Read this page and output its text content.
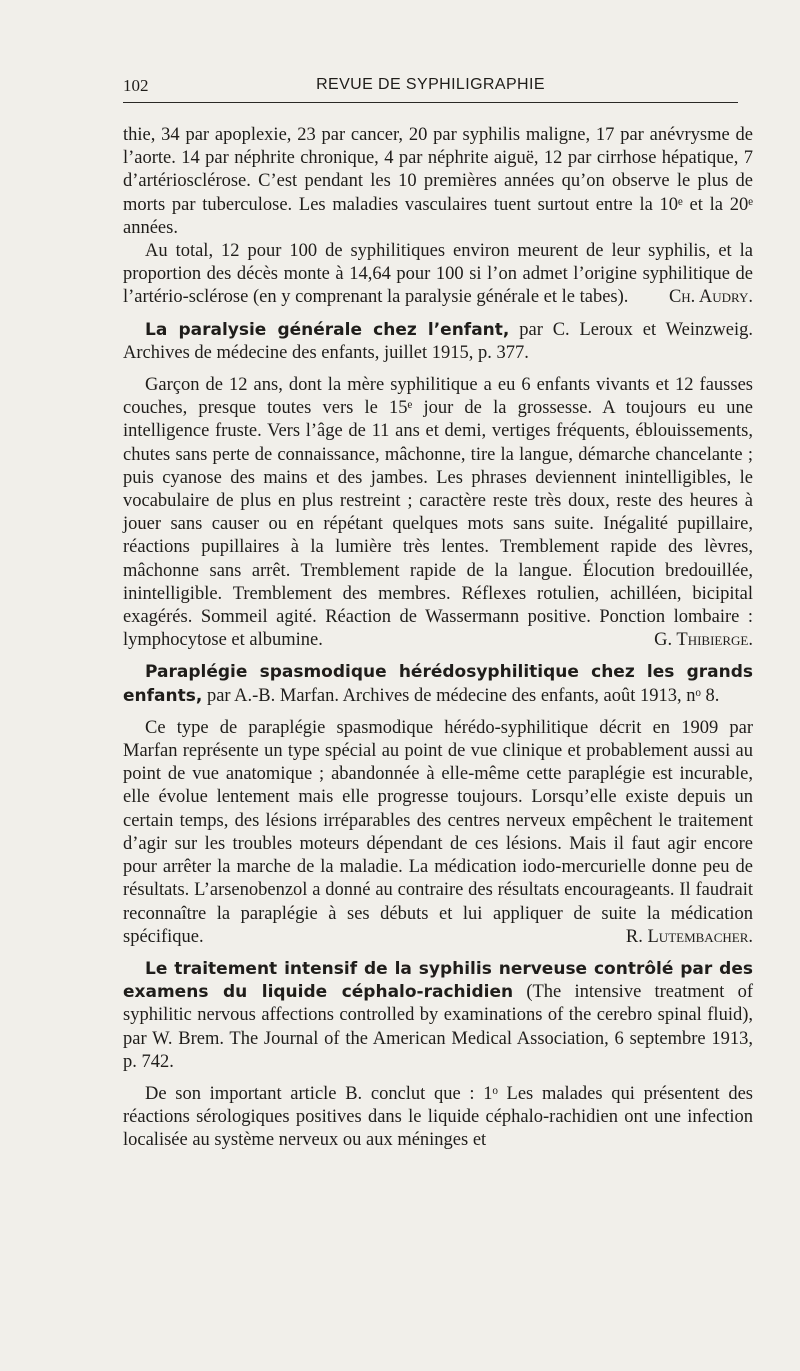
102	REVUE DE SYPHILIGRAPHIE

thie, 34 par apoplexie, 23 par cancer, 20 par syphilis maligne, 17 par anévrysme de l’aorte. 14 par néphrite chronique, 4 par néphrite aiguë, 12 par cirrhose hépatique, 7 d’artériosclérose. C’est pendant les 10 premières années qu’on observe le plus de morts par tuberculose. Les maladies vasculaires tuent surtout entre la 10ᵉ et la 20ᵉ années.

Au total, 12 pour 100 de syphilitiques environ meurent de leur syphilis, et la proportion des décès monte à 14,64 pour 100 si l’on admet l’origine syphilitique de l’artério-sclérose (en y comprenant la paralysie générale et le tabes).	Ch. Audry.

La paralysie générale chez l’enfant, par C. Leroux et Weinzweig. Archives de médecine des enfants, juillet 1915, p. 377.

Garçon de 12 ans, dont la mère syphilitique a eu 6 enfants vivants et 12 fausses couches, presque toutes vers le 15ᵉ jour de la grossesse. A toujours eu une intelligence fruste. Vers l’âge de 11 ans et demi, vertiges fréquents, éblouissements, chutes sans perte de connaissance, mâchonne, tire la langue, démarche chancelante ; puis cyanose des mains et des jambes. Les phrases deviennent inintelligibles, le vocabulaire de plus en plus restreint ; caractère reste très doux, reste des heures à jouer sans causer ou en répétant quelques mots sans suite. Inégalité pupillaire, réactions pupillaires à la lumière très lentes. Tremblement rapide des lèvres, mâchonne sans arrêt. Tremblement rapide de la langue. Élocution bredouillée, inintelligible. Tremblement des membres. Réflexes rotulien, achilléen, bicipital exagérés. Sommeil agité. Réaction de Wassermann positive. Ponction lombaire : lymphocytose et albumine.	G. Thibierge.

Paraplégie spasmodique hérédosyphilitique chez les grands enfants, par A.-B. Marfan. Archives de médecine des enfants, août 1913, nᵒ 8.

Ce type de paraplégie spasmodique hérédo-syphilitique décrit en 1909 par Marfan représente un type spécial au point de vue clinique et probablement aussi au point de vue anatomique ; abandonnée à elle-même cette paraplégie est incurable, elle évolue lentement mais elle progresse toujours. Lorsqu’elle existe depuis un certain temps, des lésions irréparables des centres nerveux empêchent le traitement d’agir sur les troubles moteurs dépendant de ces lésions. Mais il faut agir encore pour arrêter la marche de la maladie. La médication iodo-mercurielle donne peu de résultats. L’arsenobenzol a donné au contraire des résultats encourageants. Il faudrait reconnaître la paraplégie à ses débuts et lui appliquer de suite la médication spécifique.	R. Lutembacher.

Le traitement intensif de la syphilis nerveuse contrôlé par des examens du liquide céphalo-rachidien (The intensive treatment of syphilitic nervous affections controlled by examinations of the cerebro spinal fluid), par W. Brem. The Journal of the American Medical Association, 6 septembre 1913, p. 742.

De son important article B. conclut que : 1ᵒ Les malades qui présentent des réactions sérologiques positives dans le liquide céphalo-rachidien ont une infection localisée au système nerveux ou aux méninges et
